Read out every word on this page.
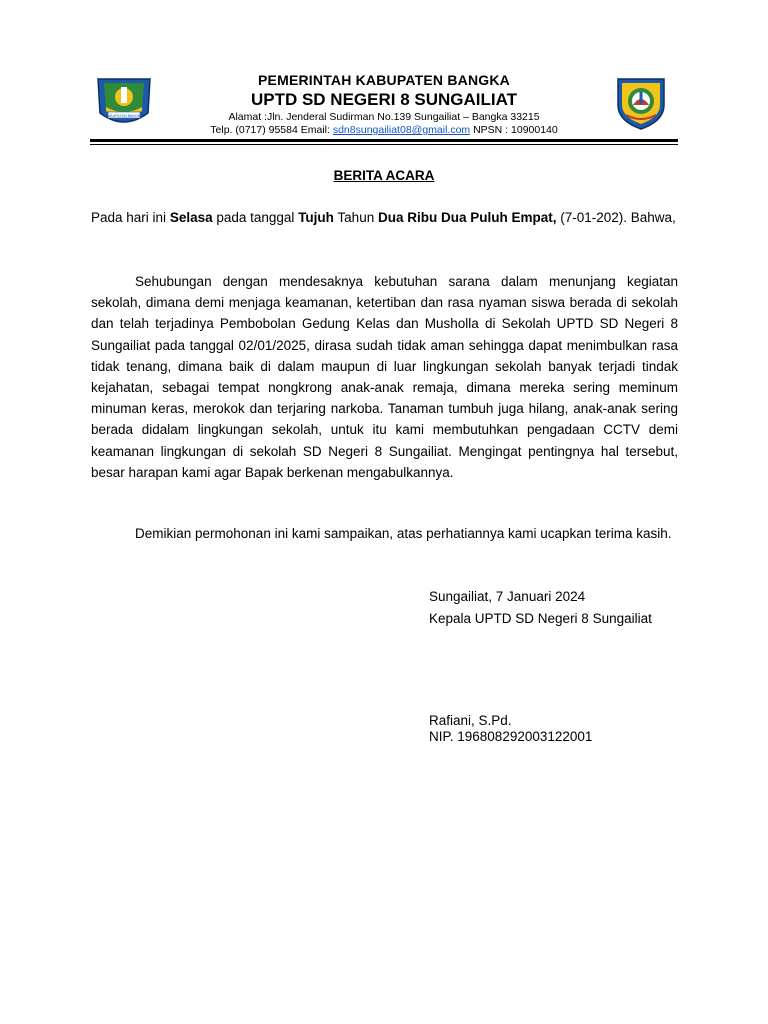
KABUPATEN BANGKA
PEMERINTAH KABUPATEN BANGKA
UPTD SD NEGERI 8 SUNGAILIAT
Alamat :Jln. Jenderal Sudirman No.139 Sungailiat – Bangka 33215
Telp. (0717) 95584 Email: sdn8sungailiat08@gmail.com NPSN : 10900140
BERITA ACARA
Pada hari ini Selasa pada tanggal Tujuh Tahun Dua Ribu Dua Puluh Empat, (7-01-202). Bahwa,
Sehubungan dengan mendesaknya kebutuhan sarana dalam menunjang kegiatan sekolah, dimana demi menjaga keamanan, ketertiban dan rasa nyaman siswa berada di sekolah dan telah terjadinya Pembobolan Gedung Kelas dan Musholla di Sekolah UPTD SD Negeri 8 Sungailiat pada tanggal 02/01/2025, dirasa sudah tidak aman sehingga dapat menimbulkan rasa tidak tenang, dimana baik di dalam maupun di luar lingkungan sekolah banyak terjadi tindak kejahatan, sebagai tempat nongkrong anak-anak remaja, dimana mereka sering meminum minuman keras, merokok dan terjaring narkoba. Tanaman tumbuh juga hilang, anak-anak sering berada didalam lingkungan sekolah, untuk itu kami membutuhkan pengadaan CCTV demi keamanan lingkungan di sekolah SD Negeri 8 Sungailiat. Mengingat pentingnya hal tersebut, besar harapan kami agar Bapak berkenan mengabulkannya.
Demikian permohonan ini kami sampaikan, atas perhatiannya kami ucapkan terima kasih.
Sungailiat, 7 Januari 2024
Kepala UPTD SD Negeri 8 Sungailiat
Rafiani, S.Pd.
NIP. 196808292003122001
